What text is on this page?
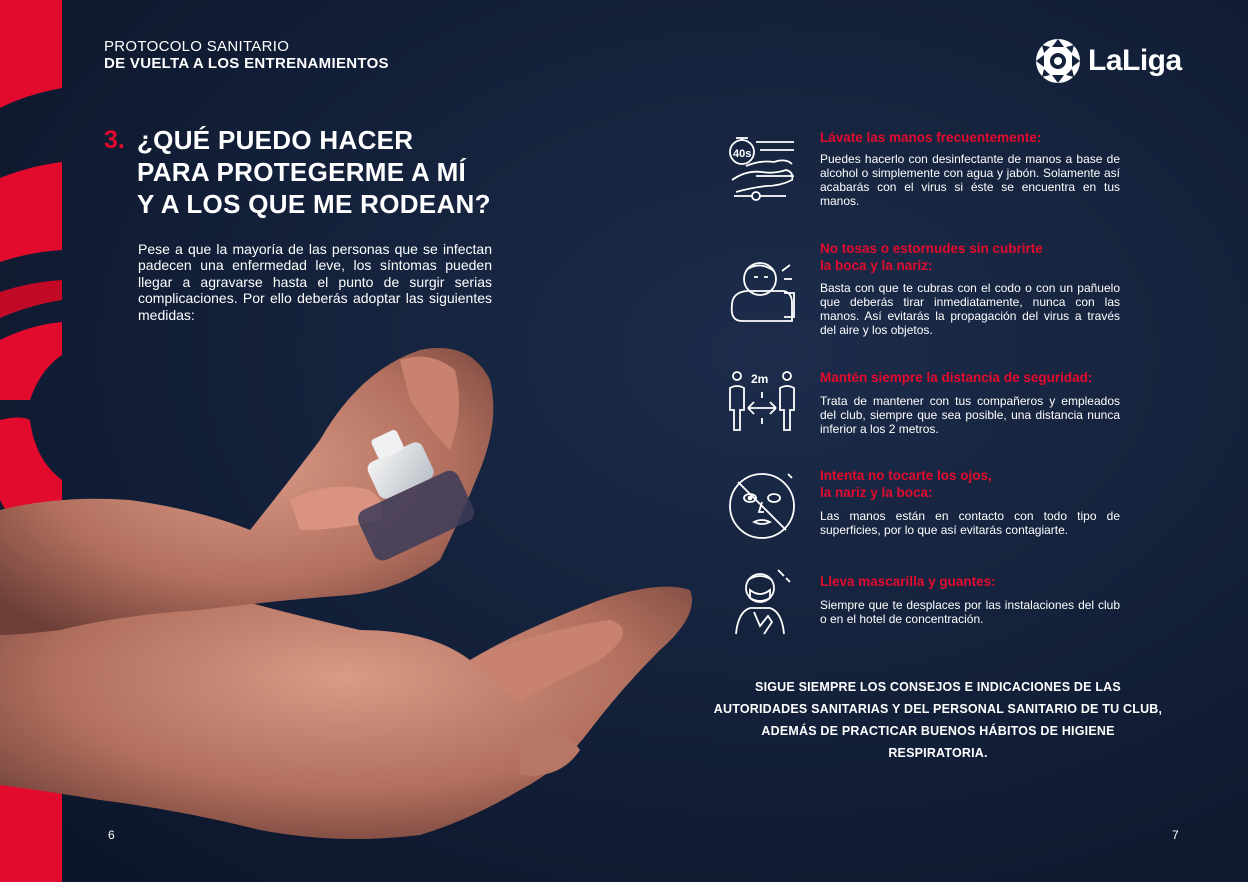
PROTOCOLO SANITARIO
DE VUELTA A LOS ENTRENAMIENTOS	LaLiga
3. ¿QUÉ PUEDO HACER
PARA PROTEGERME A MÍ
Y A LOS QUE ME RODEAN?
Pese a que la mayoría de las personas que se infectan padecen una enfermedad leve, los síntomas pueden llegar a agravarse hasta el punto de surgir serias complicaciones. Por ello deberás adoptar las siguientes medidas:
40s
Lávate las manos frecuentemente:
Puedes hacerlo con desinfectante de manos a base de alcohol o simplemente con agua y jabón. Solamente así acabarás con el virus si éste se encuentra en tus manos.
No tosas o estornudes sin cubrirte
la boca y la nariz:
Basta con que te cubras con el codo o con un pañuelo que deberás tirar inmediatamente, nunca con las manos. Así evitarás la propagación del virus a través del aire y los objetos.
2m	Mantén siempre la distancia de seguridad:
Trata de mantener con tus compañeros y empleados del club, siempre que sea posible, una distancia nunca inferior a los 2 metros.
Intenta no tocarte los ojos,
la nariz y la boca:
Las manos están en contacto con todo tipo de superficies, por lo que así evitarás contagiarte.
Lleva mascarilla y guantes:
Siempre que te desplaces por las instalaciones del club o en el hotel de concentración.
SIGUE SIEMPRE LOS CONSEJOS E INDICACIONES DE LAS
AUTORIDADES SANITARIAS Y DEL PERSONAL SANITARIO DE TU CLUB,
ADEMÁS DE PRACTICAR BUENOS HÁBITOS DE HIGIENE RESPIRATORIA.
6	7
